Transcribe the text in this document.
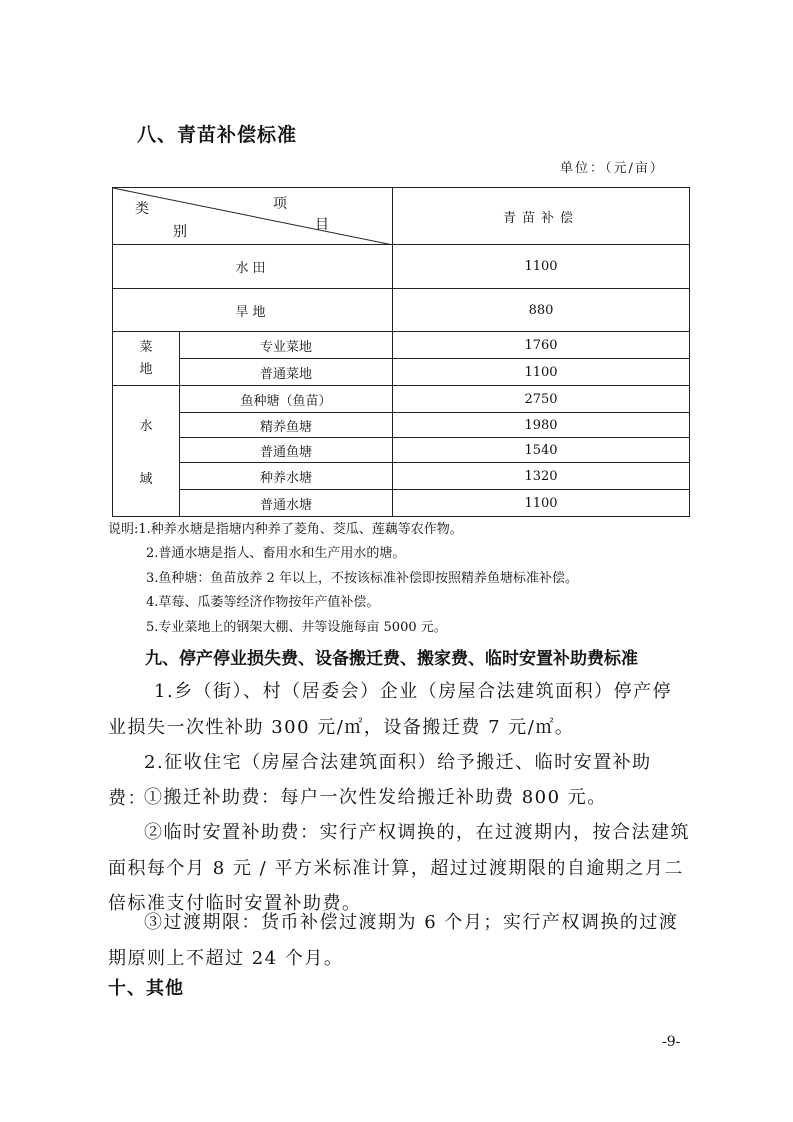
八、青苗补偿标准
单位：（元/亩）
类 项
别 目		青苗补偿
水田		1100
旱地		880

菜
地	专业菜地	1760
	普通菜地	1100

水
域	鱼种塘（鱼苗）	2750
	精养鱼塘	1980
	普通鱼塘	1540
	种养水塘	1320
	普通水塘	1100
说明:1.种养水塘是指塘内种养了菱角、茭瓜、莲藕等农作物。
2.普通水塘是指人、畜用水和生产用水的塘。
3.鱼种塘：鱼苗放养 2 年以上，不按该标准补偿即按照精养鱼塘标准补偿。
4.草莓、瓜萎等经济作物按年产值补偿。
5.专业菜地上的钢架大棚、井等设施每亩 5000 元。
九、停产停业损失费、设备搬迁费、搬家费、临时安置补助费标准
1.乡（街）、村（居委会）企业（房屋合法建筑面积）停产停业损失一次性补助 300 元/㎡，设备搬迁费 7 元/㎡。
2.征收住宅（房屋合法建筑面积）给予搬迁、临时安置补助费：
①搬迁补助费：每户一次性发给搬迁补助费 800 元。
②临时安置补助费：实行产权调换的，在过渡期内，按合法建筑面积每个月 8 元 / 平方米标准计算，超过过渡期限的自逾期之月二倍标准支付临时安置补助费。
③过渡期限：货币补偿过渡期为 6 个月；实行产权调换的过渡期原则上不超过 24 个月。
十、其他
-9-
